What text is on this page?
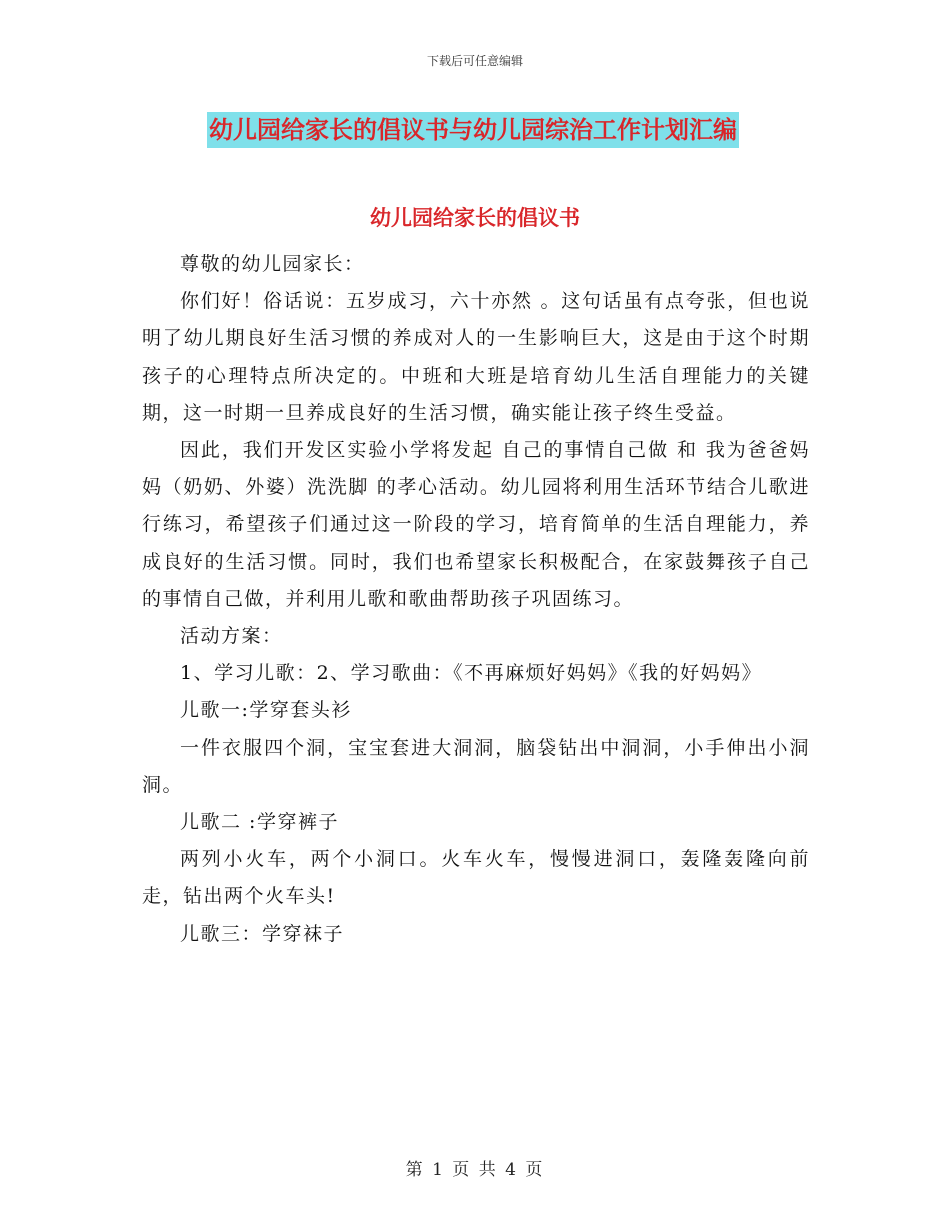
下载后可任意编辑
幼儿园给家长的倡议书与幼儿园综治工作计划汇编
幼儿园给家长的倡议书

尊敬的幼儿园家长：

你们好！俗话说：五岁成习，六十亦然 。这句话虽有点夸张，但也说明了幼儿期良好生活习惯的养成对人的一生影响巨大，这是由于这个时期孩子的心理特点所决定的。中班和大班是培育幼儿生活自理能力的关键期，这一时期一旦养成良好的生活习惯，确实能让孩子终生受益。

因此，我们开发区实验小学将发起 自己的事情自己做 和 我为爸爸妈妈（奶奶、外婆）洗洗脚 的孝心活动。幼儿园将利用生活环节结合儿歌进行练习，希望孩子们通过这一阶段的学习，培育简单的生活自理能力，养成良好的生活习惯。同时，我们也希望家长积极配合，在家鼓舞孩子自己的事情自己做，并利用儿歌和歌曲帮助孩子巩固练习。

活动方案：

1、学习儿歌：2、学习歌曲：《不再麻烦好妈妈》《我的好妈妈》

儿歌一:学穿套头衫

一件衣服四个洞，宝宝套进大洞洞，脑袋钻出中洞洞，小手伸出小洞洞。

儿歌二 :学穿裤子

两列小火车，两个小洞口。火车火车，慢慢进洞口，轰隆轰隆向前走，钻出两个火车头!

儿歌三：学穿袜子

第 1 页 共 4 页
